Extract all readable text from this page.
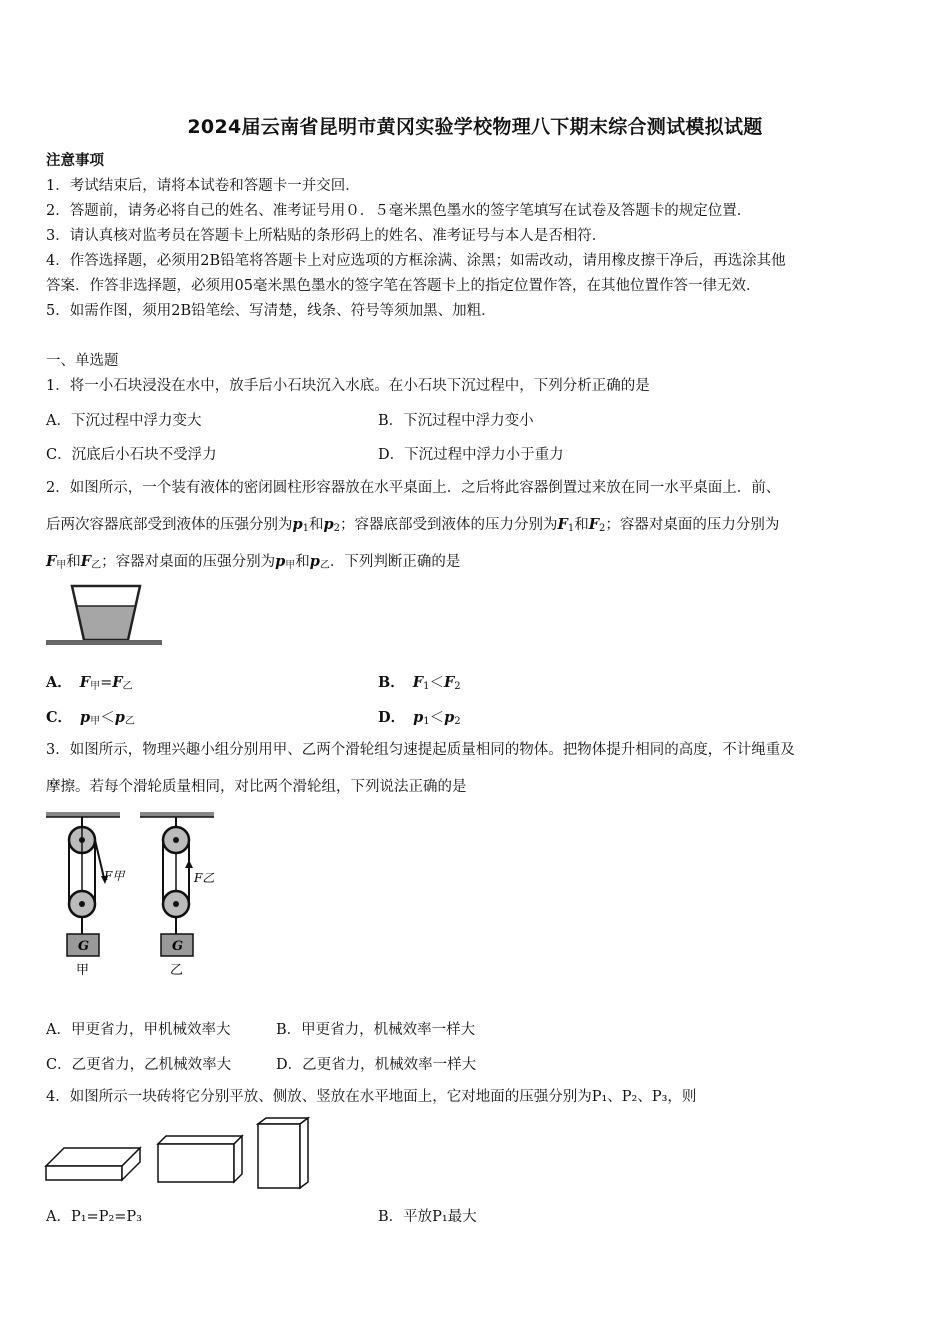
2024届云南省昆明市黄冈实验学校物理八下期末综合测试模拟试题
注意事项
1．考试结束后，请将本试卷和答题卡一并交回．
2．答题前，请务必将自己的姓名、准考证号用０．５毫米黑色墨水的签字笔填写在试卷及答题卡的规定位置．
3．请认真核对监考员在答题卡上所粘贴的条形码上的姓名、准考证号与本人是否相符．
4．作答选择题，必须用2B铅笔将答题卡上对应选项的方框涂满、涂黑；如需改动，请用橡皮擦干净后，再选涂其他
答案．作答非选择题，必须用05毫米黑色墨水的签字笔在答题卡上的指定位置作答，在其他位置作答一律无效．
5．如需作图，须用2B铅笔绘、写清楚，线条、符号等须加黑、加粗．
一、单选题
1．将一小石块浸没在水中，放手后小石块沉入水底。在小石块下沉过程中，下列分析正确的是
A．下沉过程中浮力变大	B．下沉过程中浮力变小
C．沉底后小石块不受浮力	D．下沉过程中浮力小于重力
2．如图所示，一个装有液体的密闭圆柱形容器放在水平桌面上．之后将此容器倒置过来放在同一水平桌面上．前、
后两次容器底部受到液体的压强分别为$p_1$和$p_2$；容器底部受到液体的压力分别为$F_1$和$F_2$；容器对桌面的压力分别为
$F_甲$和$F_乙$；容器对桌面的压强分别为$p_甲$和$p_乙$．下列判断正确的是
A． $F_甲=F_乙$	B． $F_1<F_2$
C． $p_甲<p_乙$	D． $p_1<p_2$
3．如图所示，物理兴趣小组分别用甲、乙两个滑轮组匀速提起质量相同的物体。把物体提升相同的高度，不计绳重及
摩擦。若每个滑轮质量相同，对比两个滑轮组，下列说法正确的是
F甲
G
甲
F乙
G
乙
A．甲更省力，甲机械效率大	B．甲更省力，机械效率一样大
C．乙更省力，乙机械效率大	D．乙更省力，机械效率一样大
4．如图所示一块砖将它分别平放、侧放、竖放在水平地面上，它对地面的压强分别为P₁、P₂、P₃，则
A．P₁=P₂=P₃	B．平放P₁最大
